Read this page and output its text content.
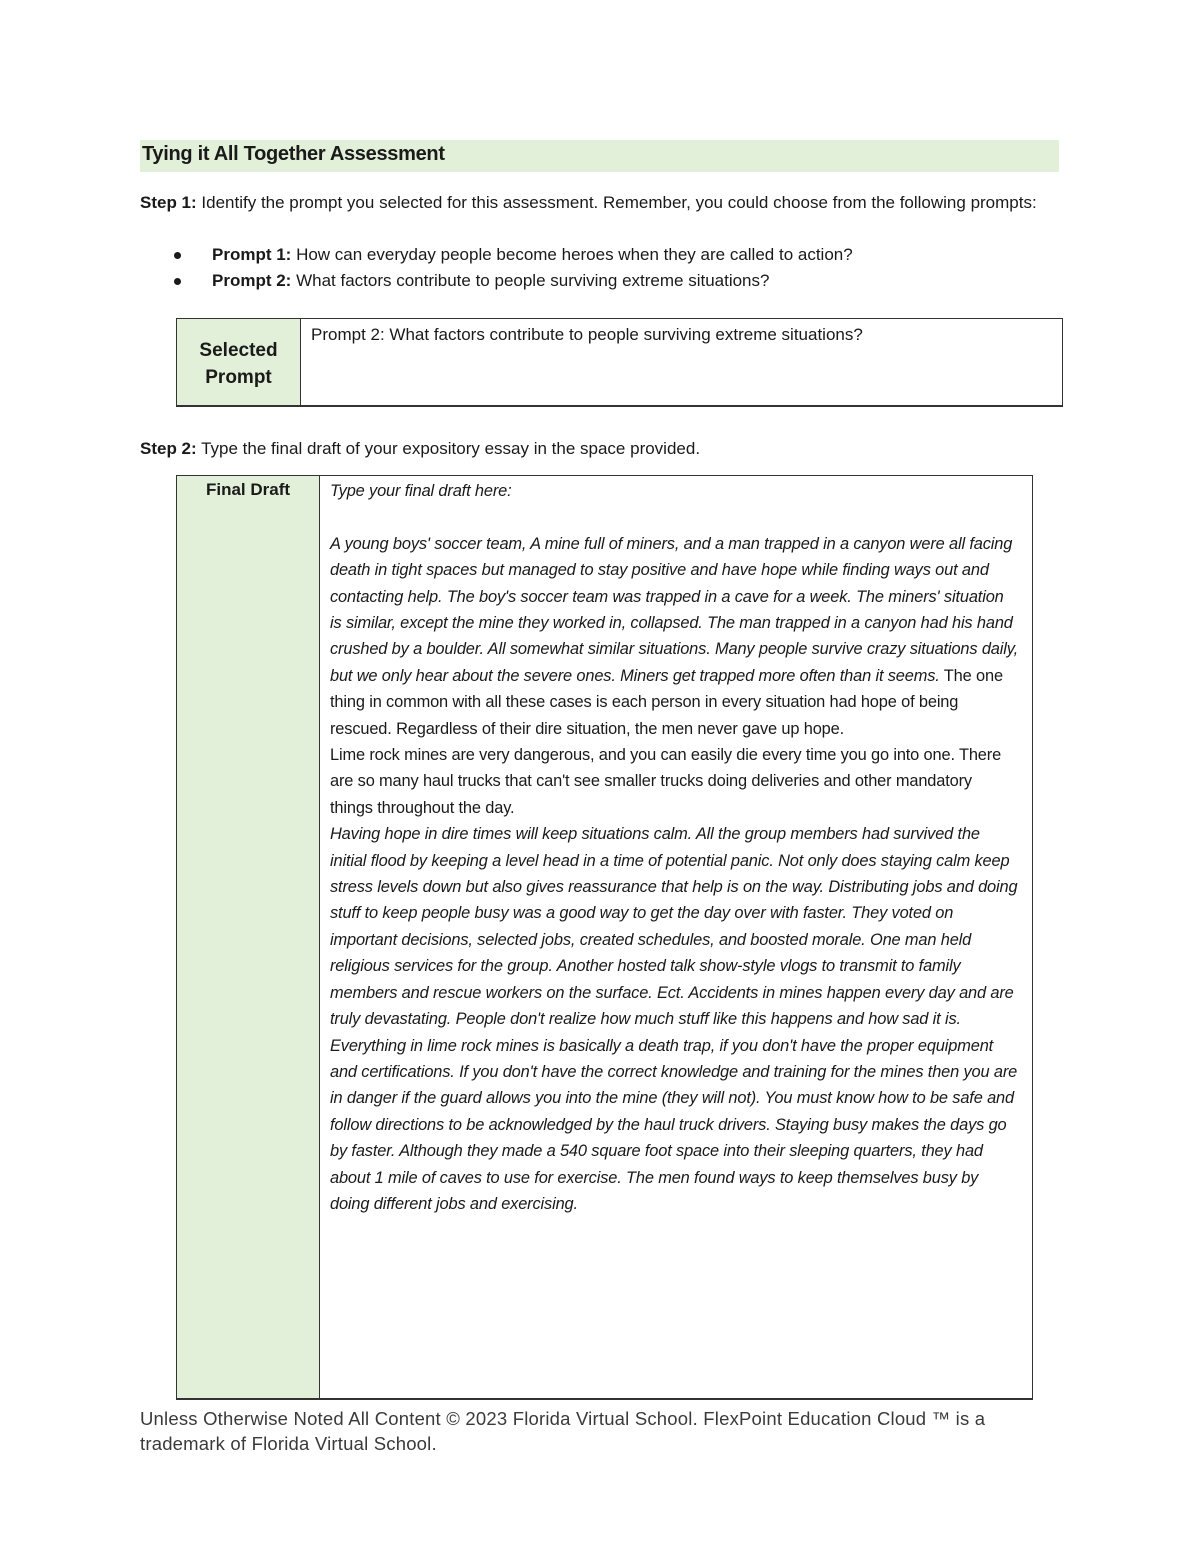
Tying it All Together Assessment
Step 1: Identify the prompt you selected for this assessment. Remember, you could choose from the following prompts:
Prompt 1: How can everyday people become heroes when they are called to action?
Prompt 2: What factors contribute to people surviving extreme situations?
Selected
Prompt
Prompt 2: What factors contribute to people surviving extreme situations?
Step 2: Type the final draft of your expository essay in the space provided.
Final Draft	Type your final draft here:

A young boys' soccer team, A mine full of miners, and a man trapped in a canyon were all facing death in tight spaces but managed to stay positive and have hope while finding ways out and contacting help. The boy's soccer team was trapped in a cave for a week. The miners' situation is similar, except the mine they worked in, collapsed. The man trapped in a canyon had his hand crushed by a boulder. All somewhat similar situations. Many people survive crazy situations daily, but we only hear about the severe ones. Miners get trapped more often than it seems. The one thing in common with all these cases is each person in every situation had hope of being rescued. Regardless of their dire situation, the men never gave up hope.

Lime rock mines are very dangerous, and you can easily die every time you go into one. There are so many haul trucks that can't see smaller trucks doing deliveries and other mandatory things throughout the day.

Having hope in dire times will keep situations calm. All the group members had survived the initial flood by keeping a level head in a time of potential panic. Not only does staying calm keep stress levels down but also gives reassurance that help is on the way. Distributing jobs and doing stuff to keep people busy was a good way to get the day over with faster. They voted on important decisions, selected jobs, created schedules, and boosted morale. One man held religious services for the group. Another hosted talk show-style vlogs to transmit to family members and rescue workers on the surface. Ect. Accidents in mines happen every day and are truly devastating. People don't realize how much stuff like this happens and how sad it is. Everything in lime rock mines is basically a death trap, if you don't have the proper equipment and certifications. If you don't have the correct knowledge and training for the mines then you are in danger if the guard allows you into the mine (they will not). You must know how to be safe and follow directions to be acknowledged by the haul truck drivers. Staying busy makes the days go by faster. Although they made a 540 square foot space into their sleeping quarters, they had about 1 mile of caves to use for exercise. The men found ways to keep themselves busy by doing different jobs and exercising.

Unless Otherwise Noted All Content © 2023 Florida Virtual School. FlexPoint Education Cloud ™ is a trademark of Florida Virtual School.
